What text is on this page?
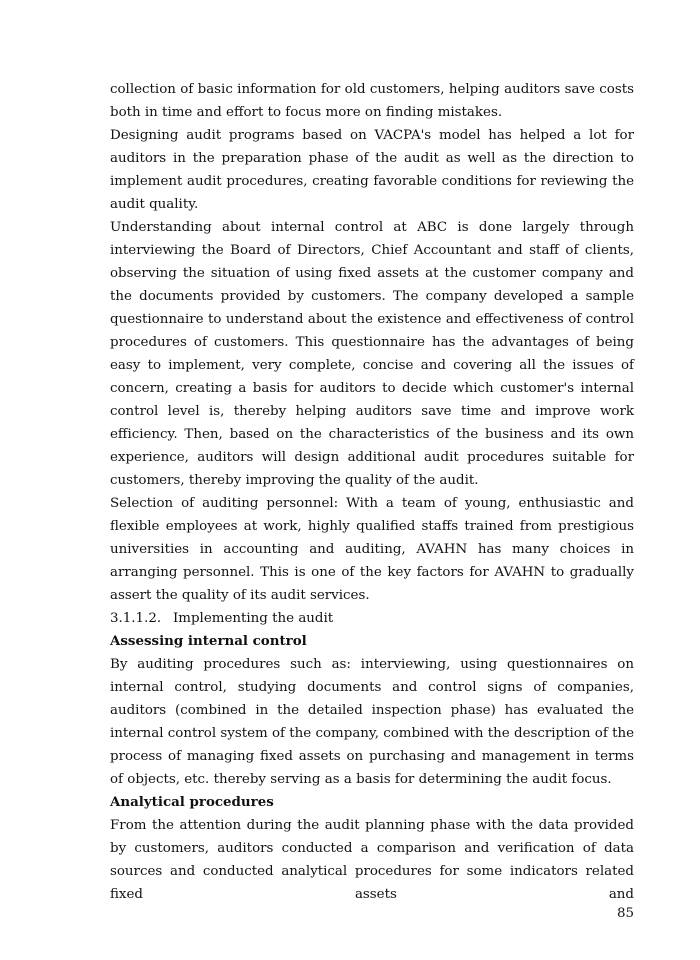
collection of basic information for old customers, helping auditors save costs both in time and effort to focus more on finding mistakes.

Designing audit programs based on VACPA's model has helped a lot for auditors in the preparation phase of the audit as well as the direction to implement audit procedures, creating favorable conditions for reviewing the audit quality.

Understanding about internal control at ABC is done largely through interviewing the Board of Directors, Chief Accountant and staff of clients, observing the situation of using fixed assets at the customer company and the documents provided by customers. The company developed a sample questionnaire to understand about the existence and effectiveness of control procedures of customers. This questionnaire has the advantages of being easy to implement, very complete, concise and covering all the issues of concern, creating a basis for auditors to decide which customer's internal control level is, thereby helping auditors save time and improve work efficiency. Then, based on the characteristics of the business and its own experience, auditors will design additional audit procedures suitable for customers, thereby improving the quality of the audit.

Selection of auditing personnel: With a team of young, enthusiastic and flexible employees at work, highly qualified staffs trained from prestigious universities in accounting and auditing, AVAHN has many choices in arranging personnel. This is one of the key factors for AVAHN to gradually assert the quality of its audit services.

3.1.1.2. Implementing the audit

Assessing internal control

By auditing procedures such as: interviewing, using questionnaires on internal control, studying documents and control signs of companies, auditors (combined in the detailed inspection phase) has evaluated the internal control system of the company, combined with the description of the process of managing fixed assets on purchasing and management in terms of objects, etc. thereby serving as a basis for determining the audit focus.

Analytical procedures

From the attention during the audit planning phase with the data provided by customers, auditors conducted a comparison and verification of data sources and conducted analytical procedures for some indicators related fixed assets and

85
